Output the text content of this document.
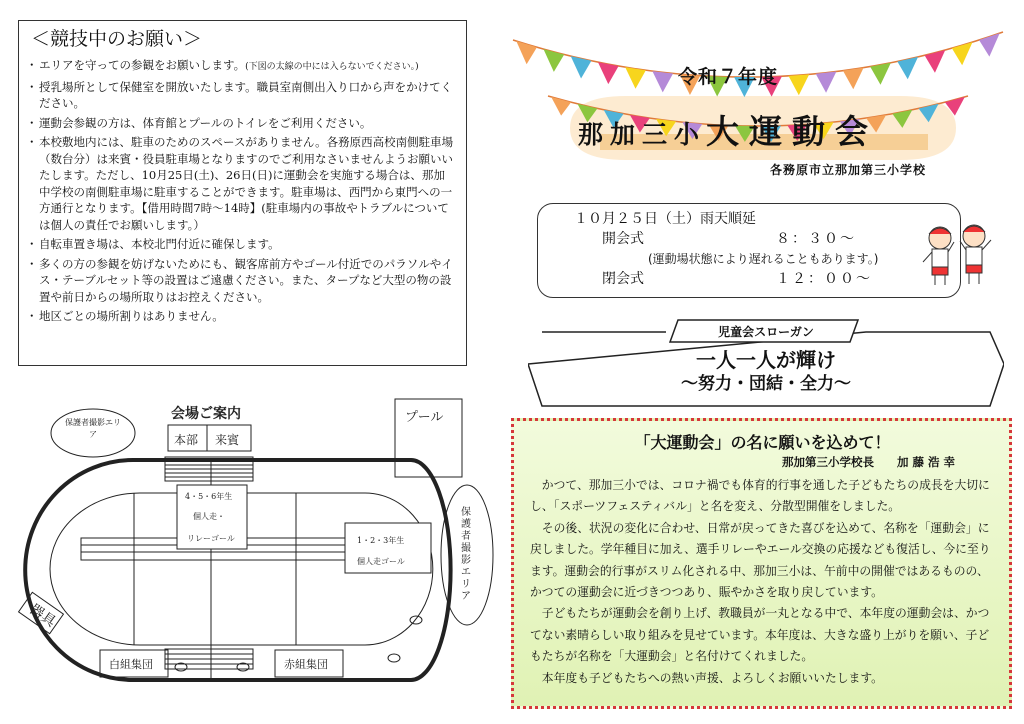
＜競技中のお願い＞
・ エリアを守っての参観をお願いします。(下図の太線の中には入らないでください。)
・ 授乳場所として保健室を開放いたします。職員室南側出入り口から声をかけてください。
・ 運動会参観の方は、体育館とプールのトイレをご利用ください。
・ 本校敷地内には、駐車のためのスペースがありません。各務原西高校南側駐車場（数台分）は来賓・役員駐車場となりますのでご利用なさいませんようお願いいたします。ただし、10月25日(土)、26日(日)に運動会を実施する場合は、那加中学校の南側駐車場に駐車することができます。駐車場は、西門から東門への一方通行となります。【借用時間7時～14時】(駐車場内の事故やトラブルについては個人の責任でお願いします。）
・ 自転車置き場は、本校北門付近に確保します。
・ 多くの方の参観を妨げないためにも、観客席前方やゴール付近でのパラソルやイス・テーブルセット等の設置はご遠慮ください。また、タープなど大型の物の設置や前日からの場所取りはお控えください。
・ 地区ごとの場所割りはありません。
会場ご案内	プール
本部 来賓
保護者撮影エリア
保護者撮影エリア
4・5・6年生
個人走・
リレーゴール	1・2・3年生
個人走ゴール
器具
白組集団	赤組集団
令和７年度
那加三小大運動会
各務原市立那加第三小学校
１０月２５日（土）雨天順延
開会式	８：３０～
(運動場状態により遅れることもあります。)
閉会式	１２：００～
児童会スローガン
一人一人が輝け
～努力・団結・全力～
「大運動会」の名に願いを込めて！
那加第三小学校長　　加 藤 浩 幸

かつて、那加三小では、コロナ禍でも体育的行事を通した子どもたちの成長を大切にし、「スポーツフェスティバル」と名を変え、分散型開催をしました。

その後、状況の変化に合わせ、日常が戻ってきた喜びを込めて、名称を「運動会」に戻しました。学年種目に加え、選手リレーやエール交換の応援なども復活し、今に至ります。運動会的行事がスリム化される中、那加三小は、午前中の開催ではあるものの、かつての運動会に近づきつつあり、賑やかさを取り戻しています。

子どもたちが運動会を創り上げ、教職員が一丸となる中で、本年度の運動会は、かつてない素晴らしい取り組みを見せています。本年度は、大きな盛り上がりを願い、子どもたちが名称を「大運動会」と名付けてくれました。

本年度も子どもたちへの熱い声援、よろしくお願いいたします。
